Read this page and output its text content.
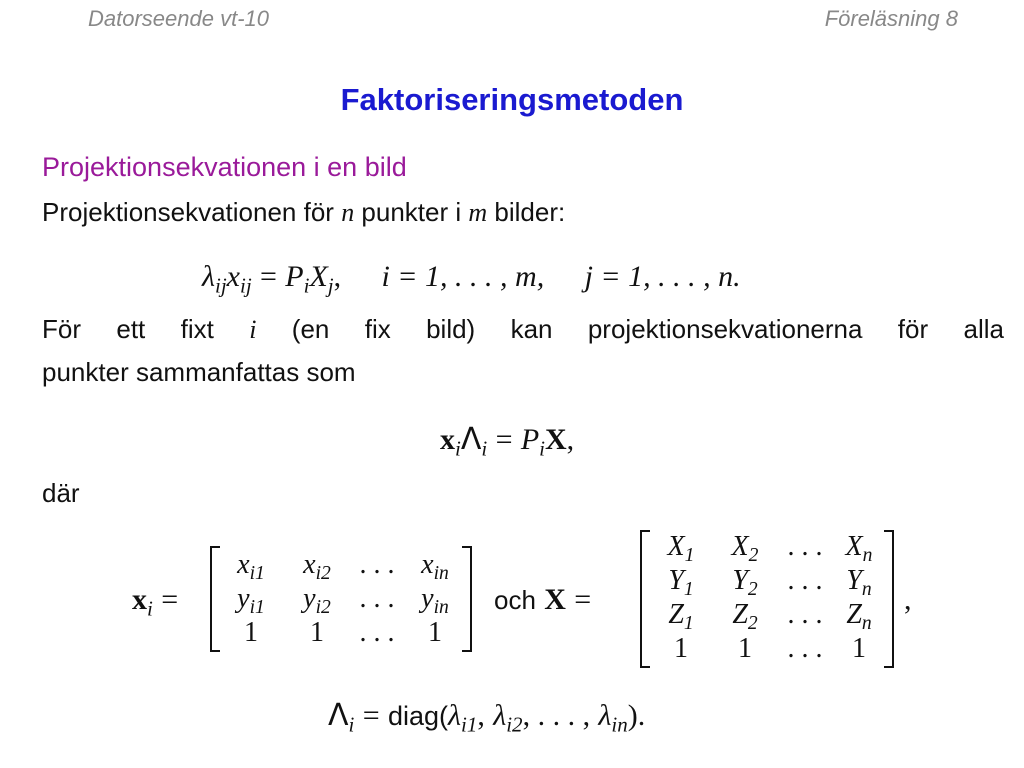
Datorseende vt-10	Föreläsning 8
Faktoriseringsmetoden
Projektionsekvationen i en bild
Projektionsekvationen för n punkter i m bilder:
$\lambda_{ij}x_{ij} = P_iX_j$, i = 1, . . . , m, j = 1, . . . , n.
För ett fixt i (en fix bild) kan projektionsekvationerna för alla
punkter sammanfattas som
$x_i\Lambda_i = P_iX$,
där
$x_i$ =
$x_{i1}$	$x_{i2}$	. . . $x_{in}$
$y_{i1}$	$y_{i2}$	. . . $y_{in}$
1	1	. . .	1
och X =
$X_1$	$X_2$	. . . $X_n$
$Y_1$	$Y_2$	. . . $Y_n$
$Z_1$	$Z_2$	. . . $Z_n$
1	1	. . .	1
,
$\Lambda_i$ = $diag(\lambda_{i1}$, $\lambda_{i2}$, . . . , $\lambda_{in}$).
